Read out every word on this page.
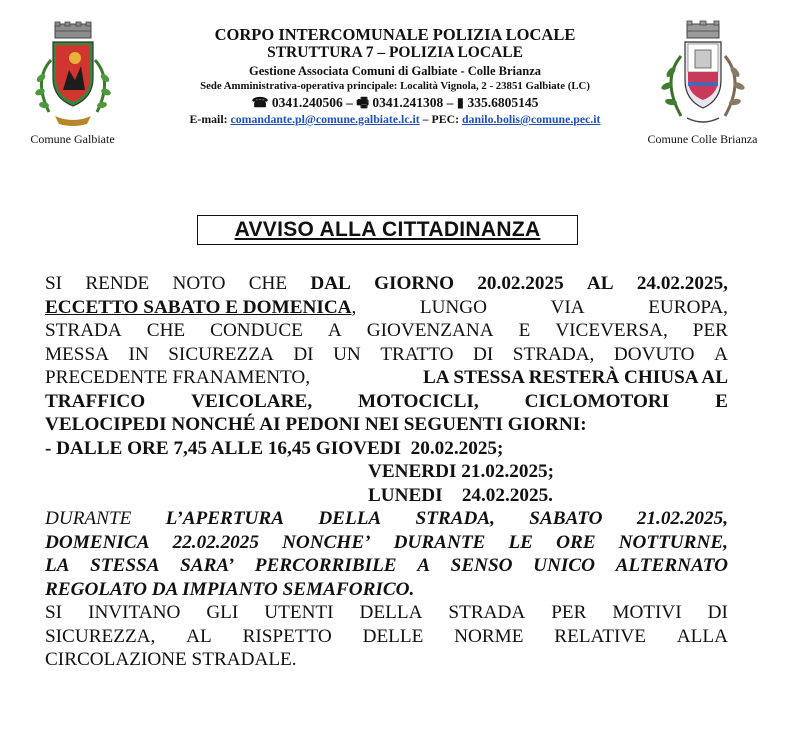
Comune Galbiate
CORPO INTERCOMUNALE POLIZIA LOCALE
STRUTTURA 7 – POLIZIA LOCALE
Gestione Associata Comuni di Galbiate - Colle Brianza
Sede Amministrativa-operativa principale: Località Vignola, 2 - 23851 Galbiate (LC)
☎ 0341.240506 – 🖷 0341.241308 – ▮ 335.6805145
E-mail: comandante.pl@comune.galbiate.lc.it – PEC: danilo.bolis@comune.pec.it
Comune Colle Brianza
AVVISO ALLA CITTADINANZA
SI RENDE NOTO CHE DAL GIORNO 20.02.2025 AL 24.02.2025,
ECCETTO SABATO E DOMENICA,	LUNGO	VIA	EUROPA,
STRADA CHE CONDUCE A GIOVENZANA E VICEVERSA, PER
MESSA IN SICUREZZA DI UN TRATTO DI STRADA, DOVUTO A
PRECEDENTE FRANAMENTO,	LA STESSA RESTERÀ CHIUSA AL
TRAFFICO VEICOLARE, MOTOCICLI, CICLOMOTORI E
VELOCIPEDI NONCHÉ AI PEDONI NEI SEGUENTI GIORNI:
- DALLE ORE 7,45 ALLE 16,45 GIOVEDI  20.02.2025;
VENERDI 21.02.2025;
LUNEDI    24.02.2025.
DURANTE L’APERTURA DELLA STRADA, SABATO 21.02.2025,
DOMENICA 22.02.2025 NONCHE’ DURANTE LE ORE NOTTURNE,
LA STESSA SARA’ PERCORRIBILE A SENSO UNICO ALTERNATO
REGOLATO DA IMPIANTO SEMAFORICO.
SI INVITANO GLI UTENTI DELLA STRADA PER MOTIVI DI
SICUREZZA, AL RISPETTO DELLE NORME RELATIVE ALLA
CIRCOLAZIONE STRADALE.
